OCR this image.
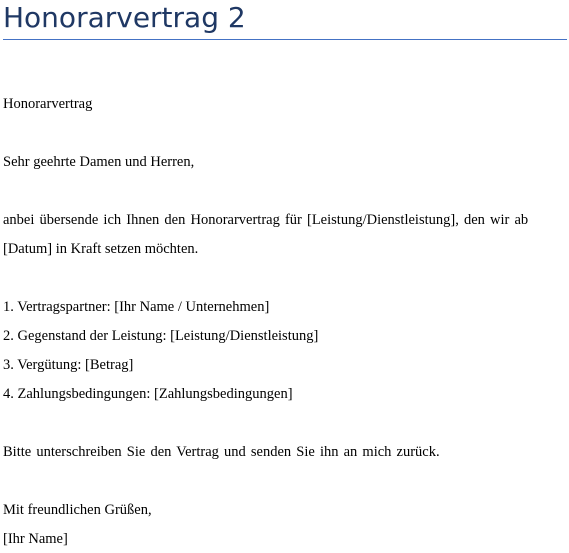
Honorarvertrag 2

Honorarvertrag

Sehr geehrte Damen und Herren,

anbei übersende ich Ihnen den Honorarvertrag für [Leistung/Dienstleistung], den wir ab

[Datum] in Kraft setzen möchten.

1. Vertragspartner: [Ihr Name / Unternehmen]

2. Gegenstand der Leistung: [Leistung/Dienstleistung]

3. Vergütung: [Betrag]

4. Zahlungsbedingungen: [Zahlungsbedingungen]

Bitte unterschreiben Sie den Vertrag und senden Sie ihn an mich zurück.

Mit freundlichen Grüßen,

[Ihr Name]
